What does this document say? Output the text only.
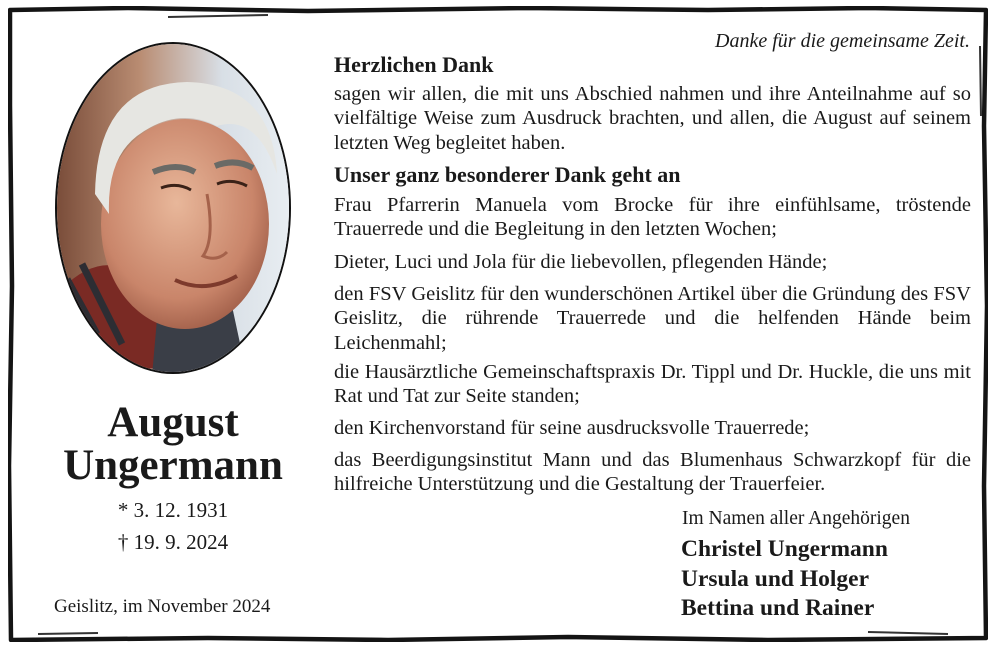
August
Ungermann
* 3. 12. 1931
† 19. 9. 2024
Geislitz, im November 2024
Danke für die gemeinsame Zeit.
Herzlichen Dank
sagen wir allen, die mit uns Abschied nahmen und ihre Anteilnahme auf so vielfältige Weise zum Ausdruck brachten, und allen, die August auf seinem letzten Weg begleitet haben.
Unser ganz besonderer Dank geht an
Frau Pfarrerin Manuela vom Brocke für ihre einfühlsame, tröstende Trauerrede und die Begleitung in den letzten Wochen;
Dieter, Luci und Jola für die liebevollen, pflegenden Hände;
den FSV Geislitz für den wunderschönen Artikel über die Gründung des FSV Geislitz, die rührende Trauerrede und die helfenden Hände beim Leichenmahl;
die Hausärztliche Gemeinschaftspraxis Dr. Tippl und Dr. Huckle, die uns mit Rat und Tat zur Seite standen;
den Kirchenvorstand für seine ausdrucksvolle Trauerrede;
das Beerdigungsinstitut Mann und das Blumenhaus Schwarzkopf für die hilfreiche Unterstützung und die Gestaltung der Trauerfeier.
Im Namen aller Angehörigen
Christel Ungermann
Ursula und Holger
Bettina und Rainer
